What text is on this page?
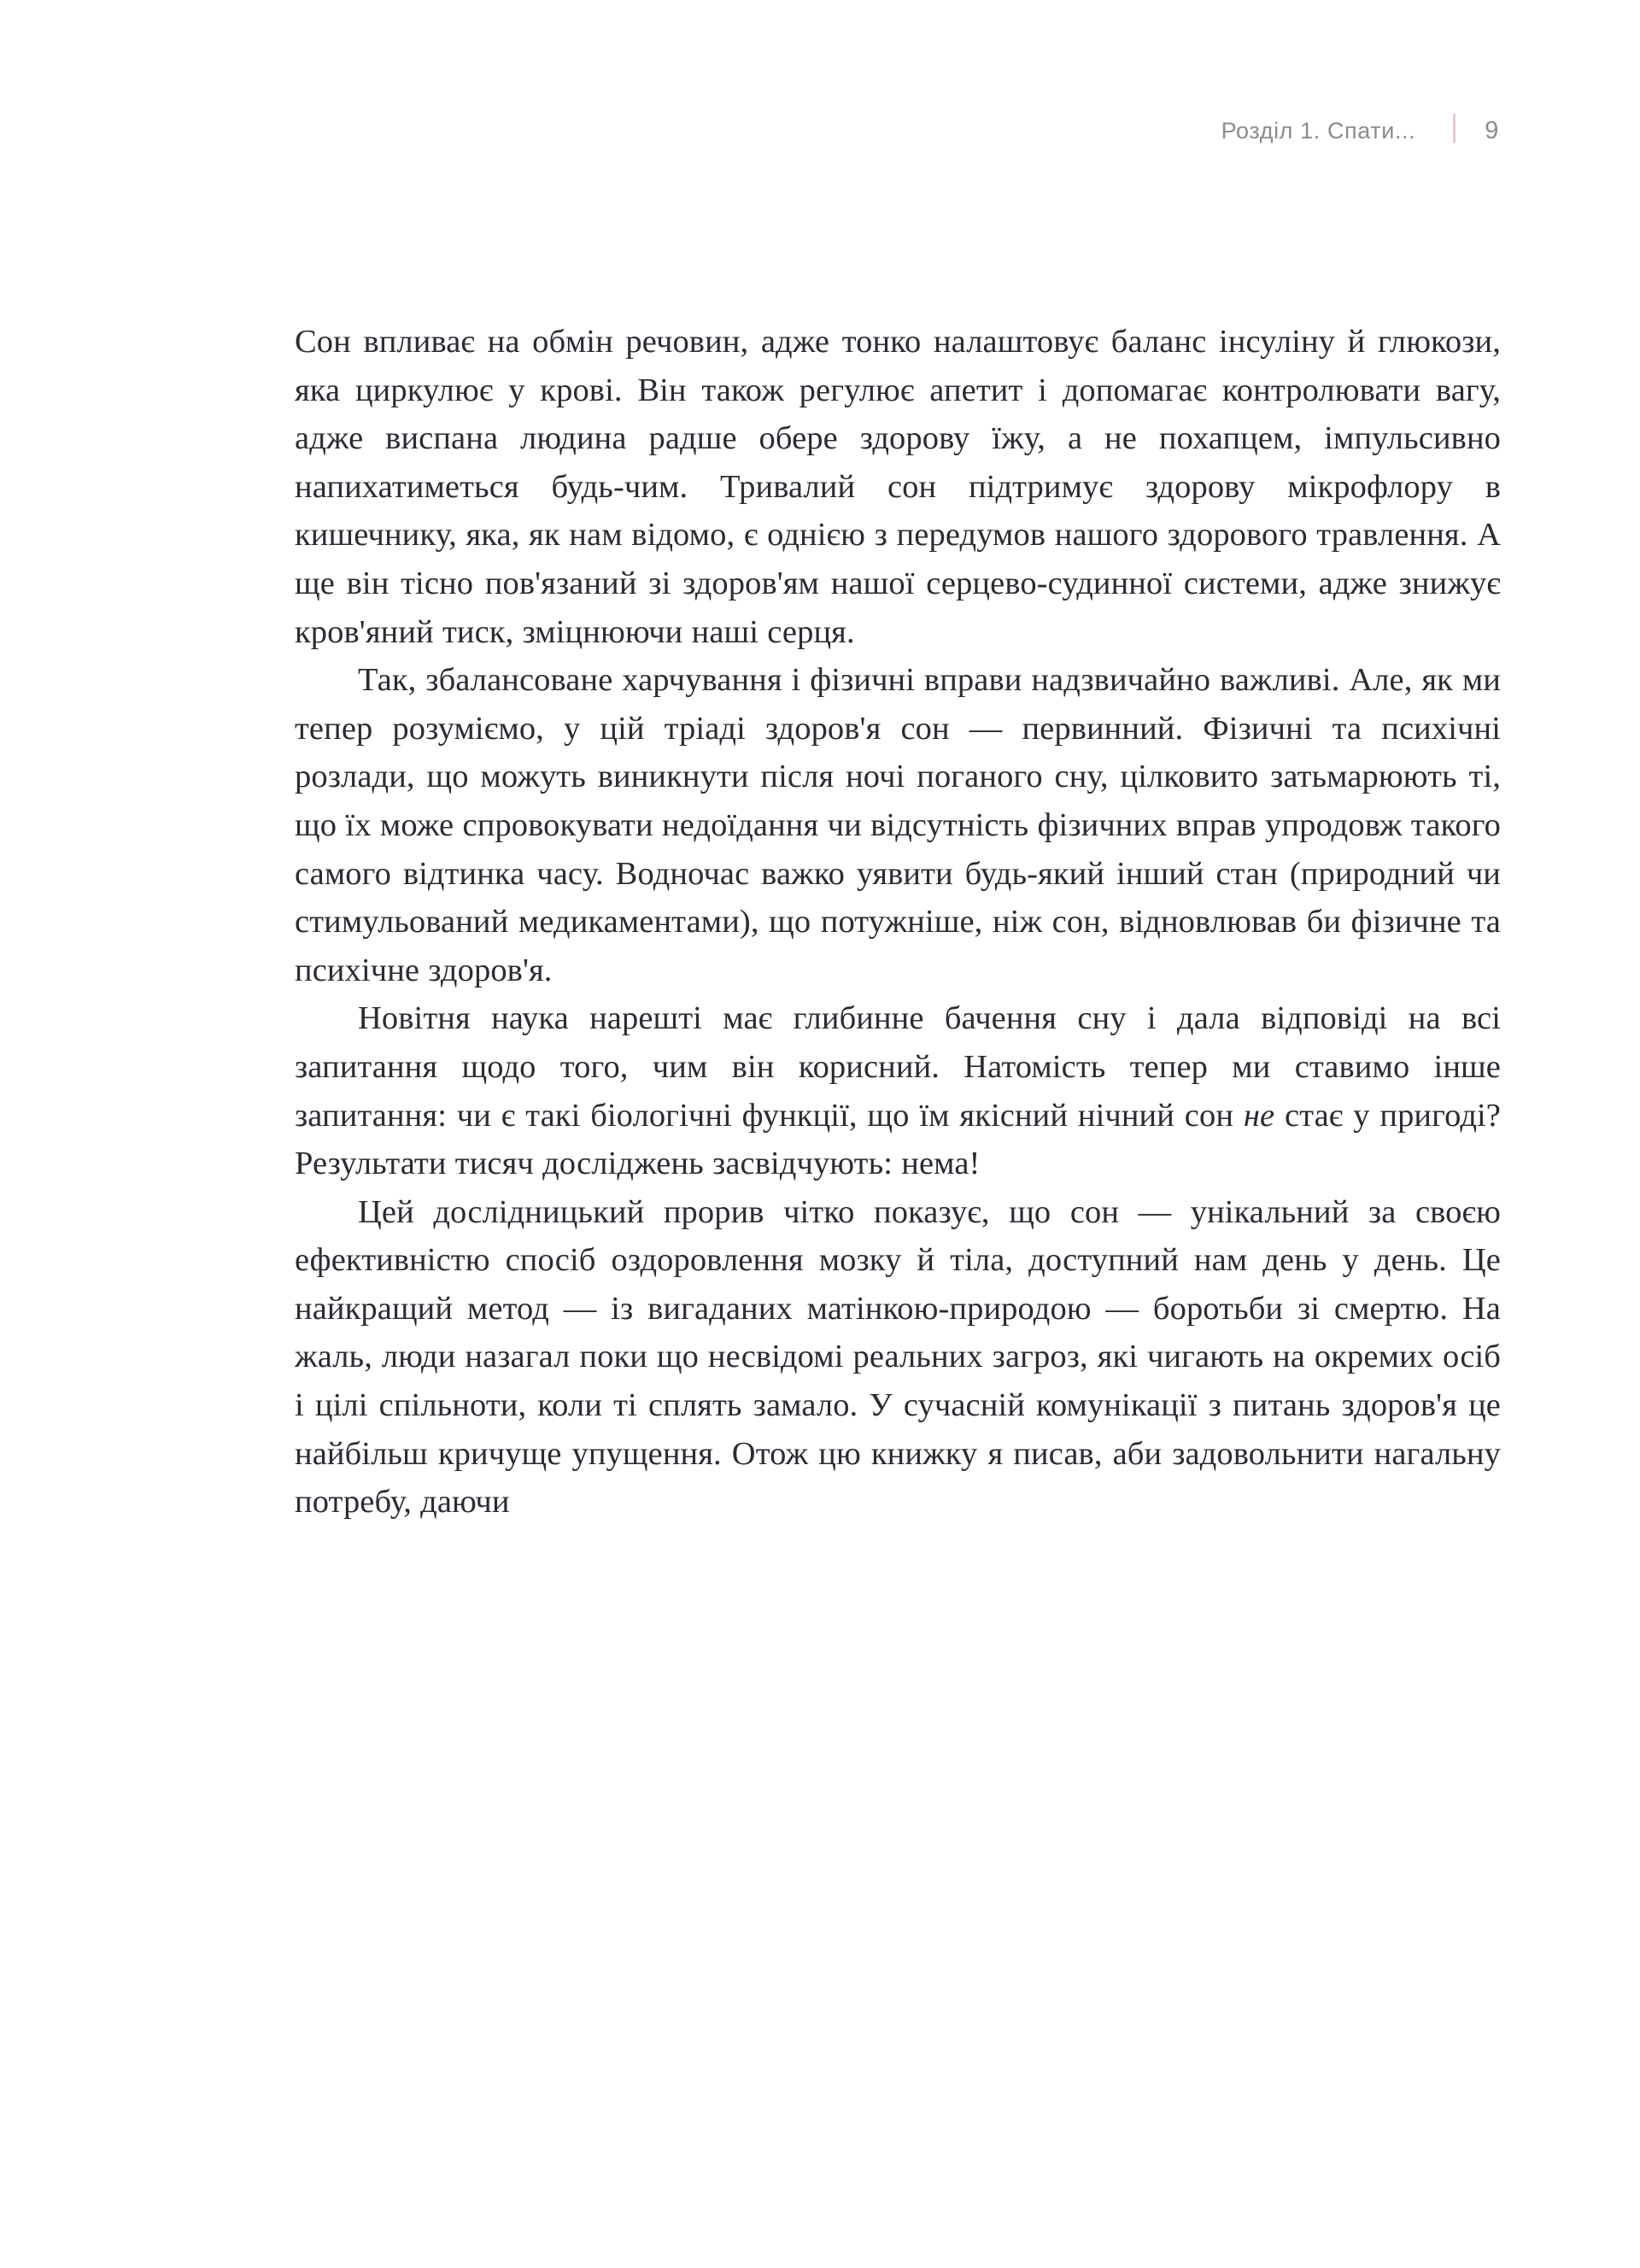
Розділ 1. Спати...	9

Сон впливає на обмін речовин, адже тонко налаштовує баланс інсуліну й глюкози, яка циркулює у крові. Він також регулює апетит і допомагає контролювати вагу, адже виспана людина радше обере здорову їжу, а не похапцем, імпульсивно напихатиметься будь-чим. Тривалий сон підтримує здорову мікрофлору в кишечнику, яка, як нам відомо, є однією з передумов нашого здорового травлення. А ще він тісно пов'язаний зі здоров'ям нашої серцево-судинної системи, адже знижує кров'яний тиск, зміцнюючи наші серця.

Так, збалансоване харчування і фізичні вправи надзвичайно важливі. Але, як ми тепер розуміємо, у цій тріаді здоров'я сон — первинний. Фізичні та психічні розлади, що можуть виникнути після ночі поганого сну, цілковито затьмарюють ті, що їх може спровокувати недоїдання чи відсутність фізичних вправ упродовж такого самого відтинка часу. Водночас важко уявити будь-який інший стан (природний чи стимульований медикаментами), що потужніше, ніж сон, відновлював би фізичне та психічне здоров'я.

Новітня наука нарешті має глибинне бачення сну і дала відповіді на всі запитання щодо того, чим він корисний. Натомість тепер ми ставимо інше запитання: чи є такі біологічні функції, що їм якісний нічний сон не стає у пригоді? Результати тисяч досліджень засвідчують: нема!

Цей дослідницький прорив чітко показує, що сон — унікальний за своєю ефективністю спосіб оздоровлення мозку й тіла, доступний нам день у день. Це найкращий метод — із вигаданих матінкою-природою — боротьби зі смертю. На жаль, люди назагал поки що несвідомі реальних загроз, які чигають на окремих осіб і цілі спільноти, коли ті сплять замало. У сучасній комунікації з питань здоров'я це найбільш кричуще упущення. Отож цю книжку я писав, аби задовольнити нагальну потребу, даючи
